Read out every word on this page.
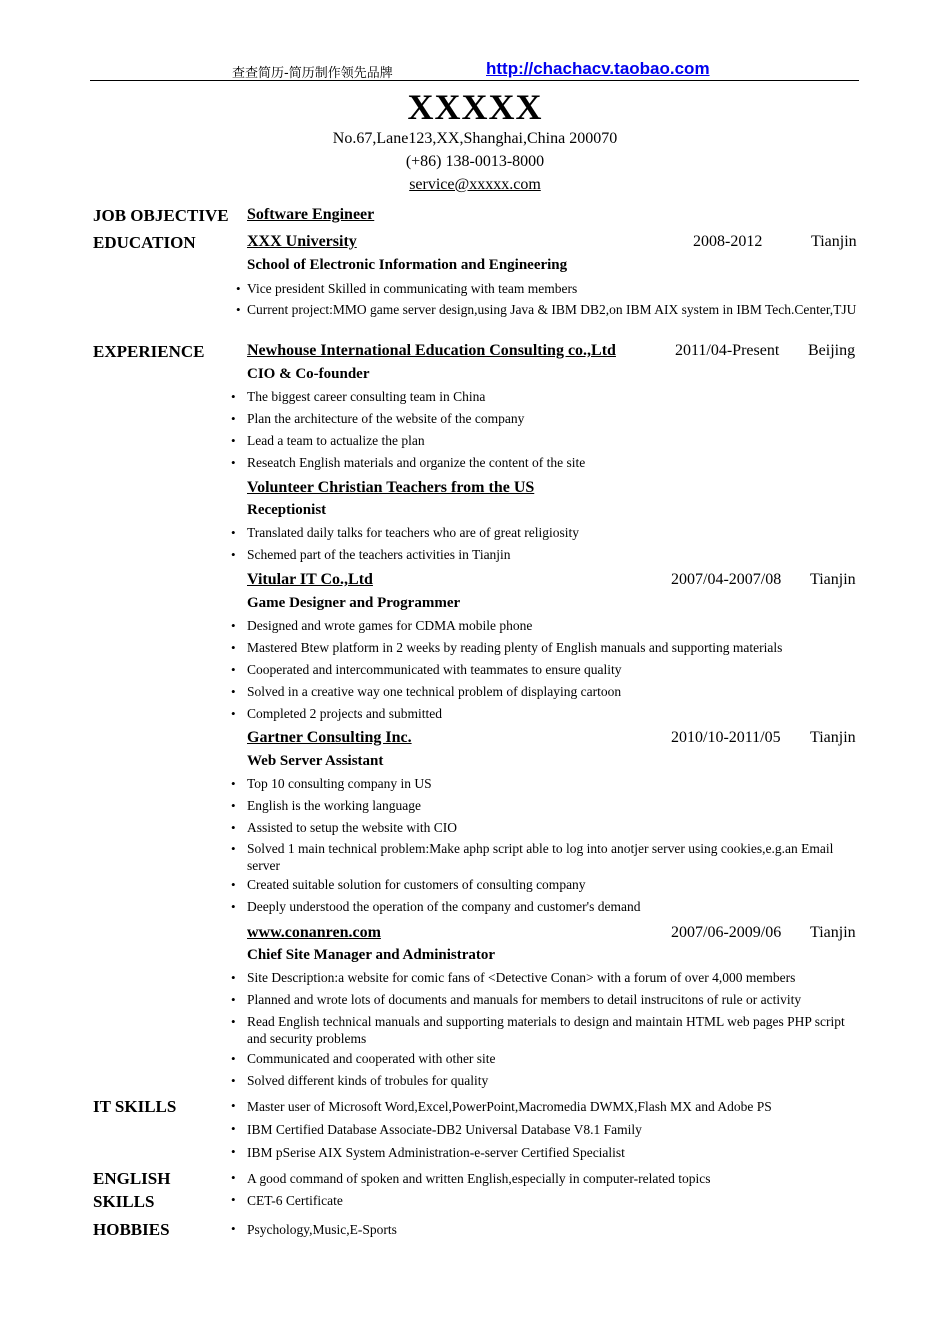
查查简历-简历制作领先品牌	http://chachacv.taobao.com
XXXXX
No.67,Lane123,XX,Shanghai,China 200070
(+86) 138-0013-8000
service@xxxxx.com
JOB OBJECTIVE Software Engineer
EDUCATION	XXX University	2008-2012	Tianjin
School of Electronic Information and Engineering
• Vice president Skilled in communicating with team members
• Current project:MMO game server design,using Java & IBM DB2,on IBM AIX system in IBM Tech.Center,TJU
EXPERIENCE	Newhouse International Education Consulting co.,Ltd	2011/04-Present Beijing
CIO & Co-founder
• The biggest career consulting team in China
• Plan the architecture of the website of the company
• Lead a team to actualize the plan
• Reseatch English materials and organize the content of the site
Volunteer Christian Teachers from the US
Receptionist
• Translated daily talks for teachers who are of great religiosity
• Schemed part of the teachers activities in Tianjin
Vitular IT Co.,Ltd	2007/04-2007/08 Tianjin
Game Designer and Programmer
• Designed and wrote games for CDMA mobile phone
• Mastered Btew platform in 2 weeks by reading plenty of English manuals and supporting materials
• Cooperated and intercommunicated with teammates to ensure quality
• Solved in a creative way one technical problem of displaying cartoon
• Completed 2 projects and submitted
Gartner Consulting Inc.	2010/10-2011/05 Tianjin
Web Server Assistant
• Top 10 consulting company in US
• English is the working language
• Assisted to setup the website with CIO
• Solved 1 main technical problem:Make aphp script able to log into anotjer server using cookies,e.g.an Email server
• Created suitable solution for customers of consulting company
• Deeply understood the operation of the company and customer's demand
www.conanren.com	2007/06-2009/06 Tianjin
Chief Site Manager and Administrator
• Site Description:a website for comic fans of <Detective Conan> with a forum of over 4,000 members
• Planned and wrote lots of documents and manuals for members to detail instrucitons of rule or activity
• Read English technical manuals and supporting materials to design and maintain HTML web pages PHP script and security problems
• Communicated and cooperated with other site
• Solved different kinds of trobules for quality
IT SKILLS	• Master user of Microsoft Word,Excel,PowerPoint,Macromedia DWMX,Flash MX and Adobe PS
• IBM Certified Database Associate-DB2 Universal Database V8.1 Family
• IBM pSerise AIX System Administration-e-server Certified Specialist
ENGLISH
SKILLS
• A good command of spoken and written English,especially in computer-related topics
• CET-6 Certificate
HOBBIES	• Psychology,Music,E-Sports
